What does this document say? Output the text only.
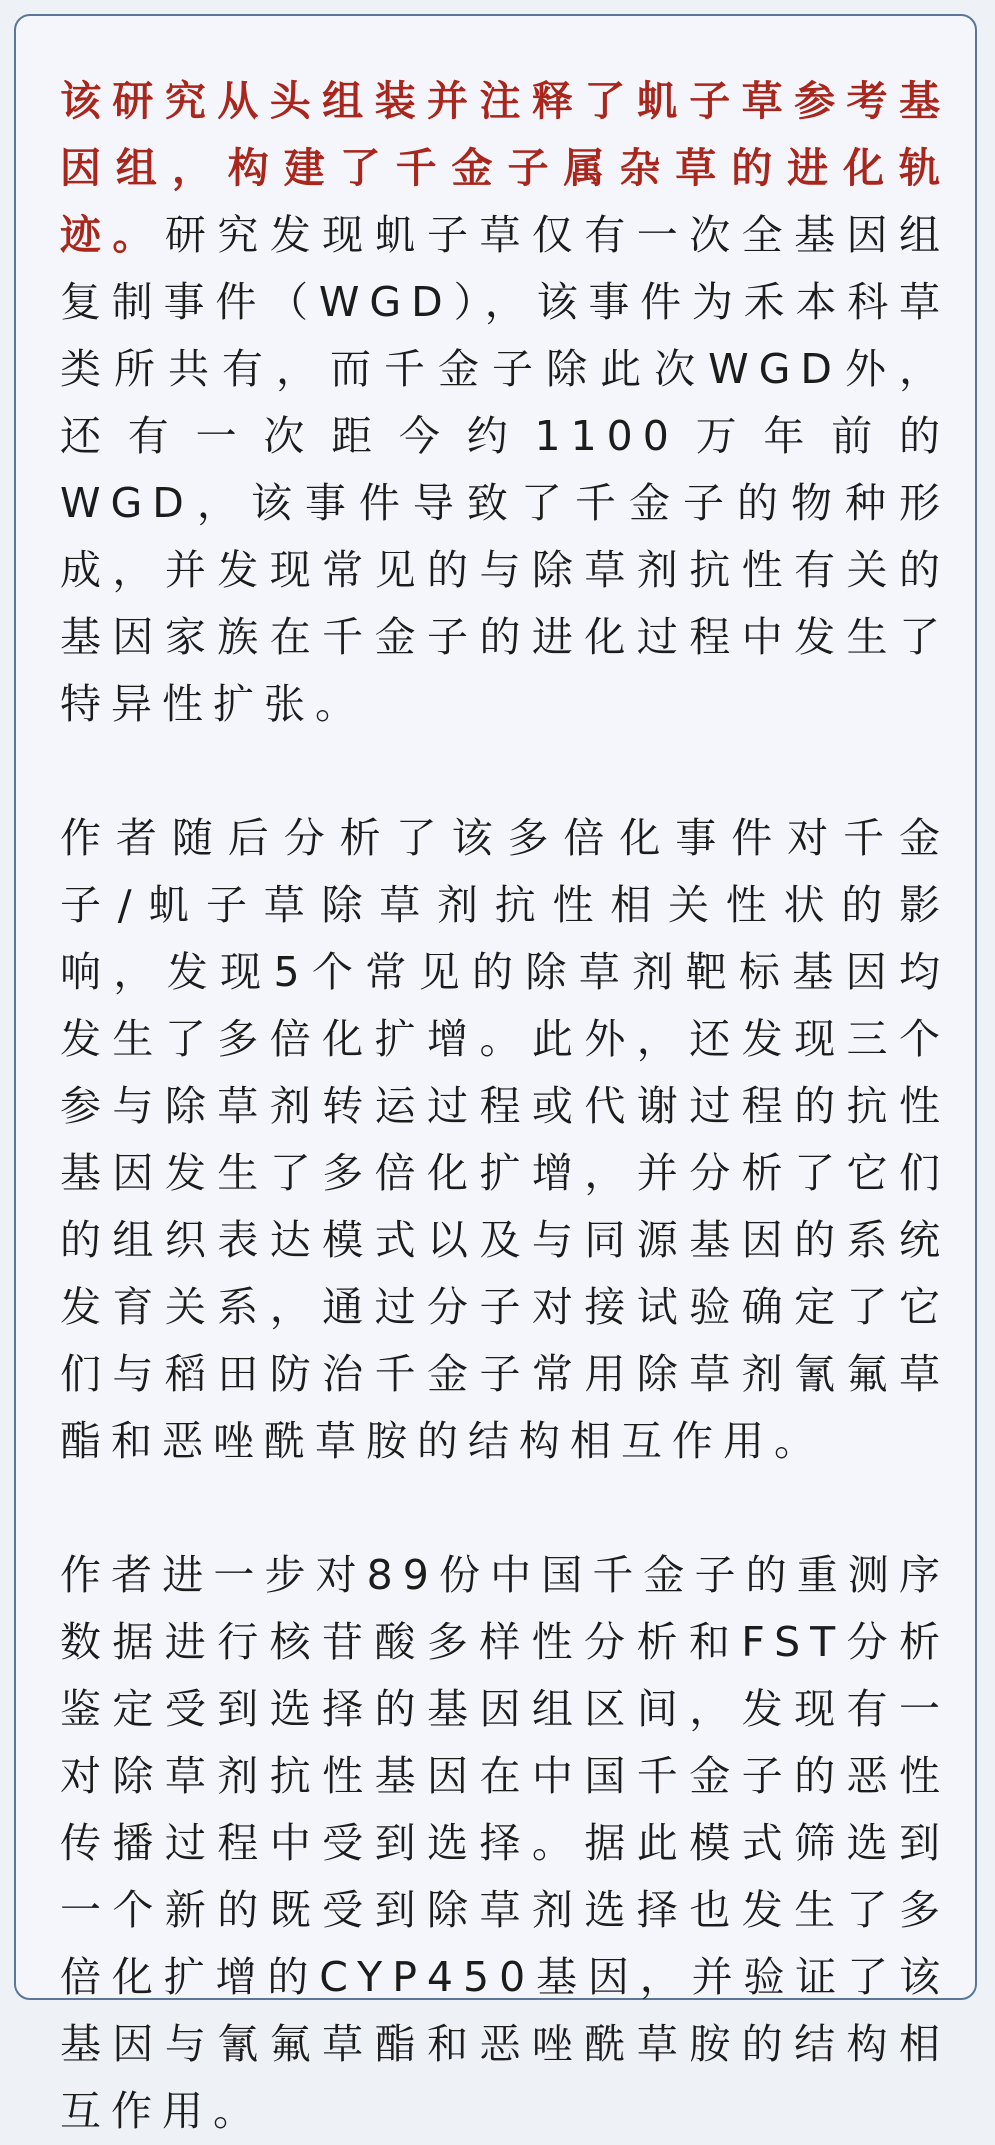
该研究从头组装并注释了虮子草参考基因组，构建了千金子属杂草的进化轨迹。研究发现虮子草仅有一次全基因组复制事件（WGD），该事件为禾本科草类所共有，而千金子除此次WGD外，还有一次距今约1100万年前的WGD，该事件导致了千金子的物种形成，并发现常见的与除草剂抗性有关的基因家族在千金子的进化过程中发生了特异性扩张。

作者随后分析了该多倍化事件对千金子/虮子草除草剂抗性相关性状的影响，发现5个常见的除草剂靶标基因均发生了多倍化扩增。此外，还发现三个参与除草剂转运过程或代谢过程的抗性基因发生了多倍化扩增，并分析了它们的组织表达模式以及与同源基因的系统发育关系，通过分子对接试验确定了它们与稻田防治千金子常用除草剂氰氟草酯和恶唑酰草胺的结构相互作用。

作者进一步对89份中国千金子的重测序数据进行核苷酸多样性分析和FST分析鉴定受到选择的基因组区间，发现有一对除草剂抗性基因在中国千金子的恶性传播过程中受到选择。据此模式筛选到一个新的既受到除草剂选择也发生了多倍化扩增的CYP450基因，并验证了该基因与氰氟草酯和恶唑酰草胺的结构相互作用。
